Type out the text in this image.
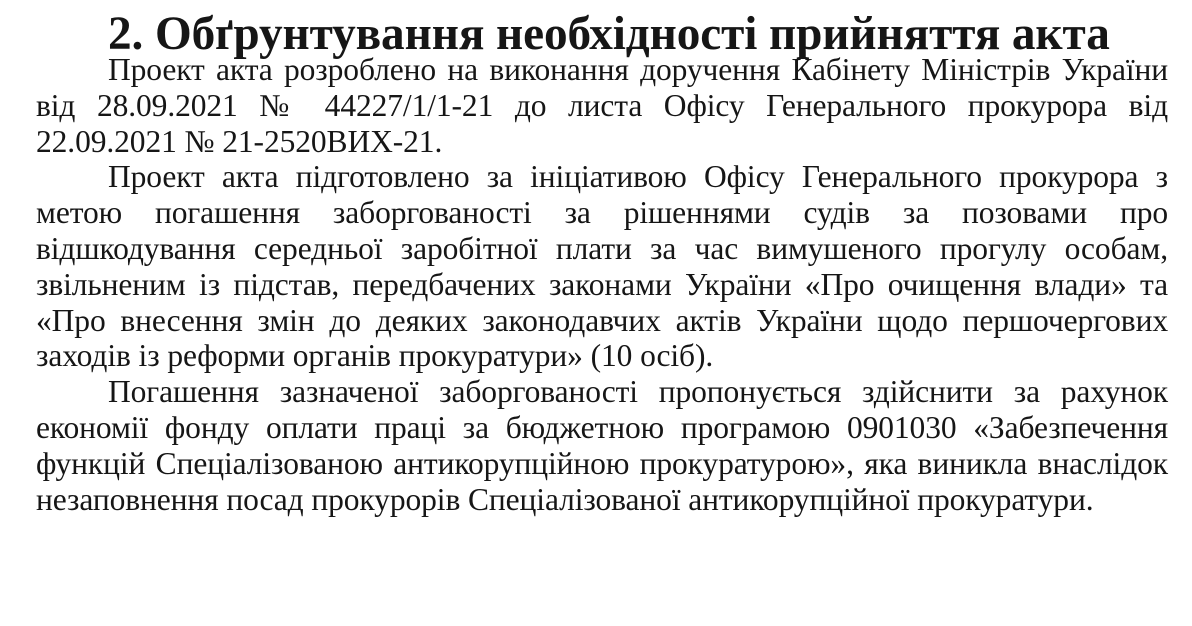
2. Обґрунтування необхідності прийняття акта

Проект акта розроблено на виконання доручення Кабінету Міністрів України від 28.09.2021 № 44227/1/1-21 до листа Офісу Генерального прокурора від 22.09.2021 № 21-2520ВИХ-21.

Проект акта підготовлено за ініціативою Офісу Генерального прокурора з метою погашення заборгованості за рішеннями судів за позовами про відшкодування середньої заробітної плати за час вимушеного прогулу особам, звільненим із підстав, передбачених законами України «Про очищення влади» та «Про внесення змін до деяких законодавчих актів України щодо першочергових заходів із реформи органів прокуратури» (10 осіб).

Погашення зазначеної заборгованості пропонується здійснити за рахунок економії фонду оплати праці за бюджетною програмою 0901030 «Забезпечення функцій Спеціалізованою антикорупційною прокуратурою», яка виникла внаслідок незаповнення посад прокурорів Спеціалізованої антикорупційної прокуратури.
